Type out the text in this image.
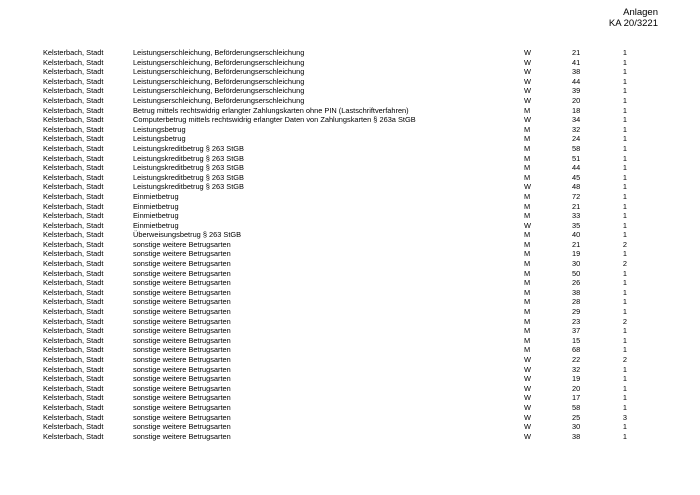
Anlagen
KA 20/3221
Kelsterbach, Stadt	Leistungserschleichung, Beförderungserschleichung	W	21	1
Kelsterbach, Stadt	Leistungserschleichung, Beförderungserschleichung	W	41	1
Kelsterbach, Stadt	Leistungserschleichung, Beförderungserschleichung	W	38	1
Kelsterbach, Stadt	Leistungserschleichung, Beförderungserschleichung	W	44	1
Kelsterbach, Stadt	Leistungserschleichung, Beförderungserschleichung	W	39	1
Kelsterbach, Stadt	Leistungserschleichung, Beförderungserschleichung	W	20	1
Kelsterbach, Stadt	Betrug mittels rechtswidrig erlangter Zahlungskarten ohne PIN (Lastschriftverfahren)	M	18	1
Kelsterbach, Stadt	Computerbetrug mittels rechtswidrig erlangter Daten von Zahlungskarten § 263a StGB	W	34	1
Kelsterbach, Stadt	Leistungsbetrug	M	32	1
Kelsterbach, Stadt	Leistungsbetrug	M	24	1
Kelsterbach, Stadt	Leistungskreditbetrug § 263 StGB	M	58	1
Kelsterbach, Stadt	Leistungskreditbetrug § 263 StGB	M	51	1
Kelsterbach, Stadt	Leistungskreditbetrug § 263 StGB	M	44	1
Kelsterbach, Stadt	Leistungskreditbetrug § 263 StGB	M	45	1
Kelsterbach, Stadt	Leistungskreditbetrug § 263 StGB	W	48	1
Kelsterbach, Stadt	Einmietbetrug	M	72	1
Kelsterbach, Stadt	Einmietbetrug	M	21	1
Kelsterbach, Stadt	Einmietbetrug	M	33	1
Kelsterbach, Stadt	Einmietbetrug	W	35	1
Kelsterbach, Stadt	Überweisungsbetrug § 263 StGB	M	40	1
Kelsterbach, Stadt	sonstige weitere Betrugsarten	M	21	2
Kelsterbach, Stadt	sonstige weitere Betrugsarten	M	19	1
Kelsterbach, Stadt	sonstige weitere Betrugsarten	M	30	2
Kelsterbach, Stadt	sonstige weitere Betrugsarten	M	50	1
Kelsterbach, Stadt	sonstige weitere Betrugsarten	M	26	1
Kelsterbach, Stadt	sonstige weitere Betrugsarten	M	38	1
Kelsterbach, Stadt	sonstige weitere Betrugsarten	M	28	1
Kelsterbach, Stadt	sonstige weitere Betrugsarten	M	29	1
Kelsterbach, Stadt	sonstige weitere Betrugsarten	M	23	2
Kelsterbach, Stadt	sonstige weitere Betrugsarten	M	37	1
Kelsterbach, Stadt	sonstige weitere Betrugsarten	M	15	1
Kelsterbach, Stadt	sonstige weitere Betrugsarten	M	68	1
Kelsterbach, Stadt	sonstige weitere Betrugsarten	W	22	2
Kelsterbach, Stadt	sonstige weitere Betrugsarten	W	32	1
Kelsterbach, Stadt	sonstige weitere Betrugsarten	W	19	1
Kelsterbach, Stadt	sonstige weitere Betrugsarten	W	20	1
Kelsterbach, Stadt	sonstige weitere Betrugsarten	W	17	1
Kelsterbach, Stadt	sonstige weitere Betrugsarten	W	58	1
Kelsterbach, Stadt	sonstige weitere Betrugsarten	W	25	3
Kelsterbach, Stadt	sonstige weitere Betrugsarten	W	30	1
Kelsterbach, Stadt	sonstige weitere Betrugsarten	W	38	1
